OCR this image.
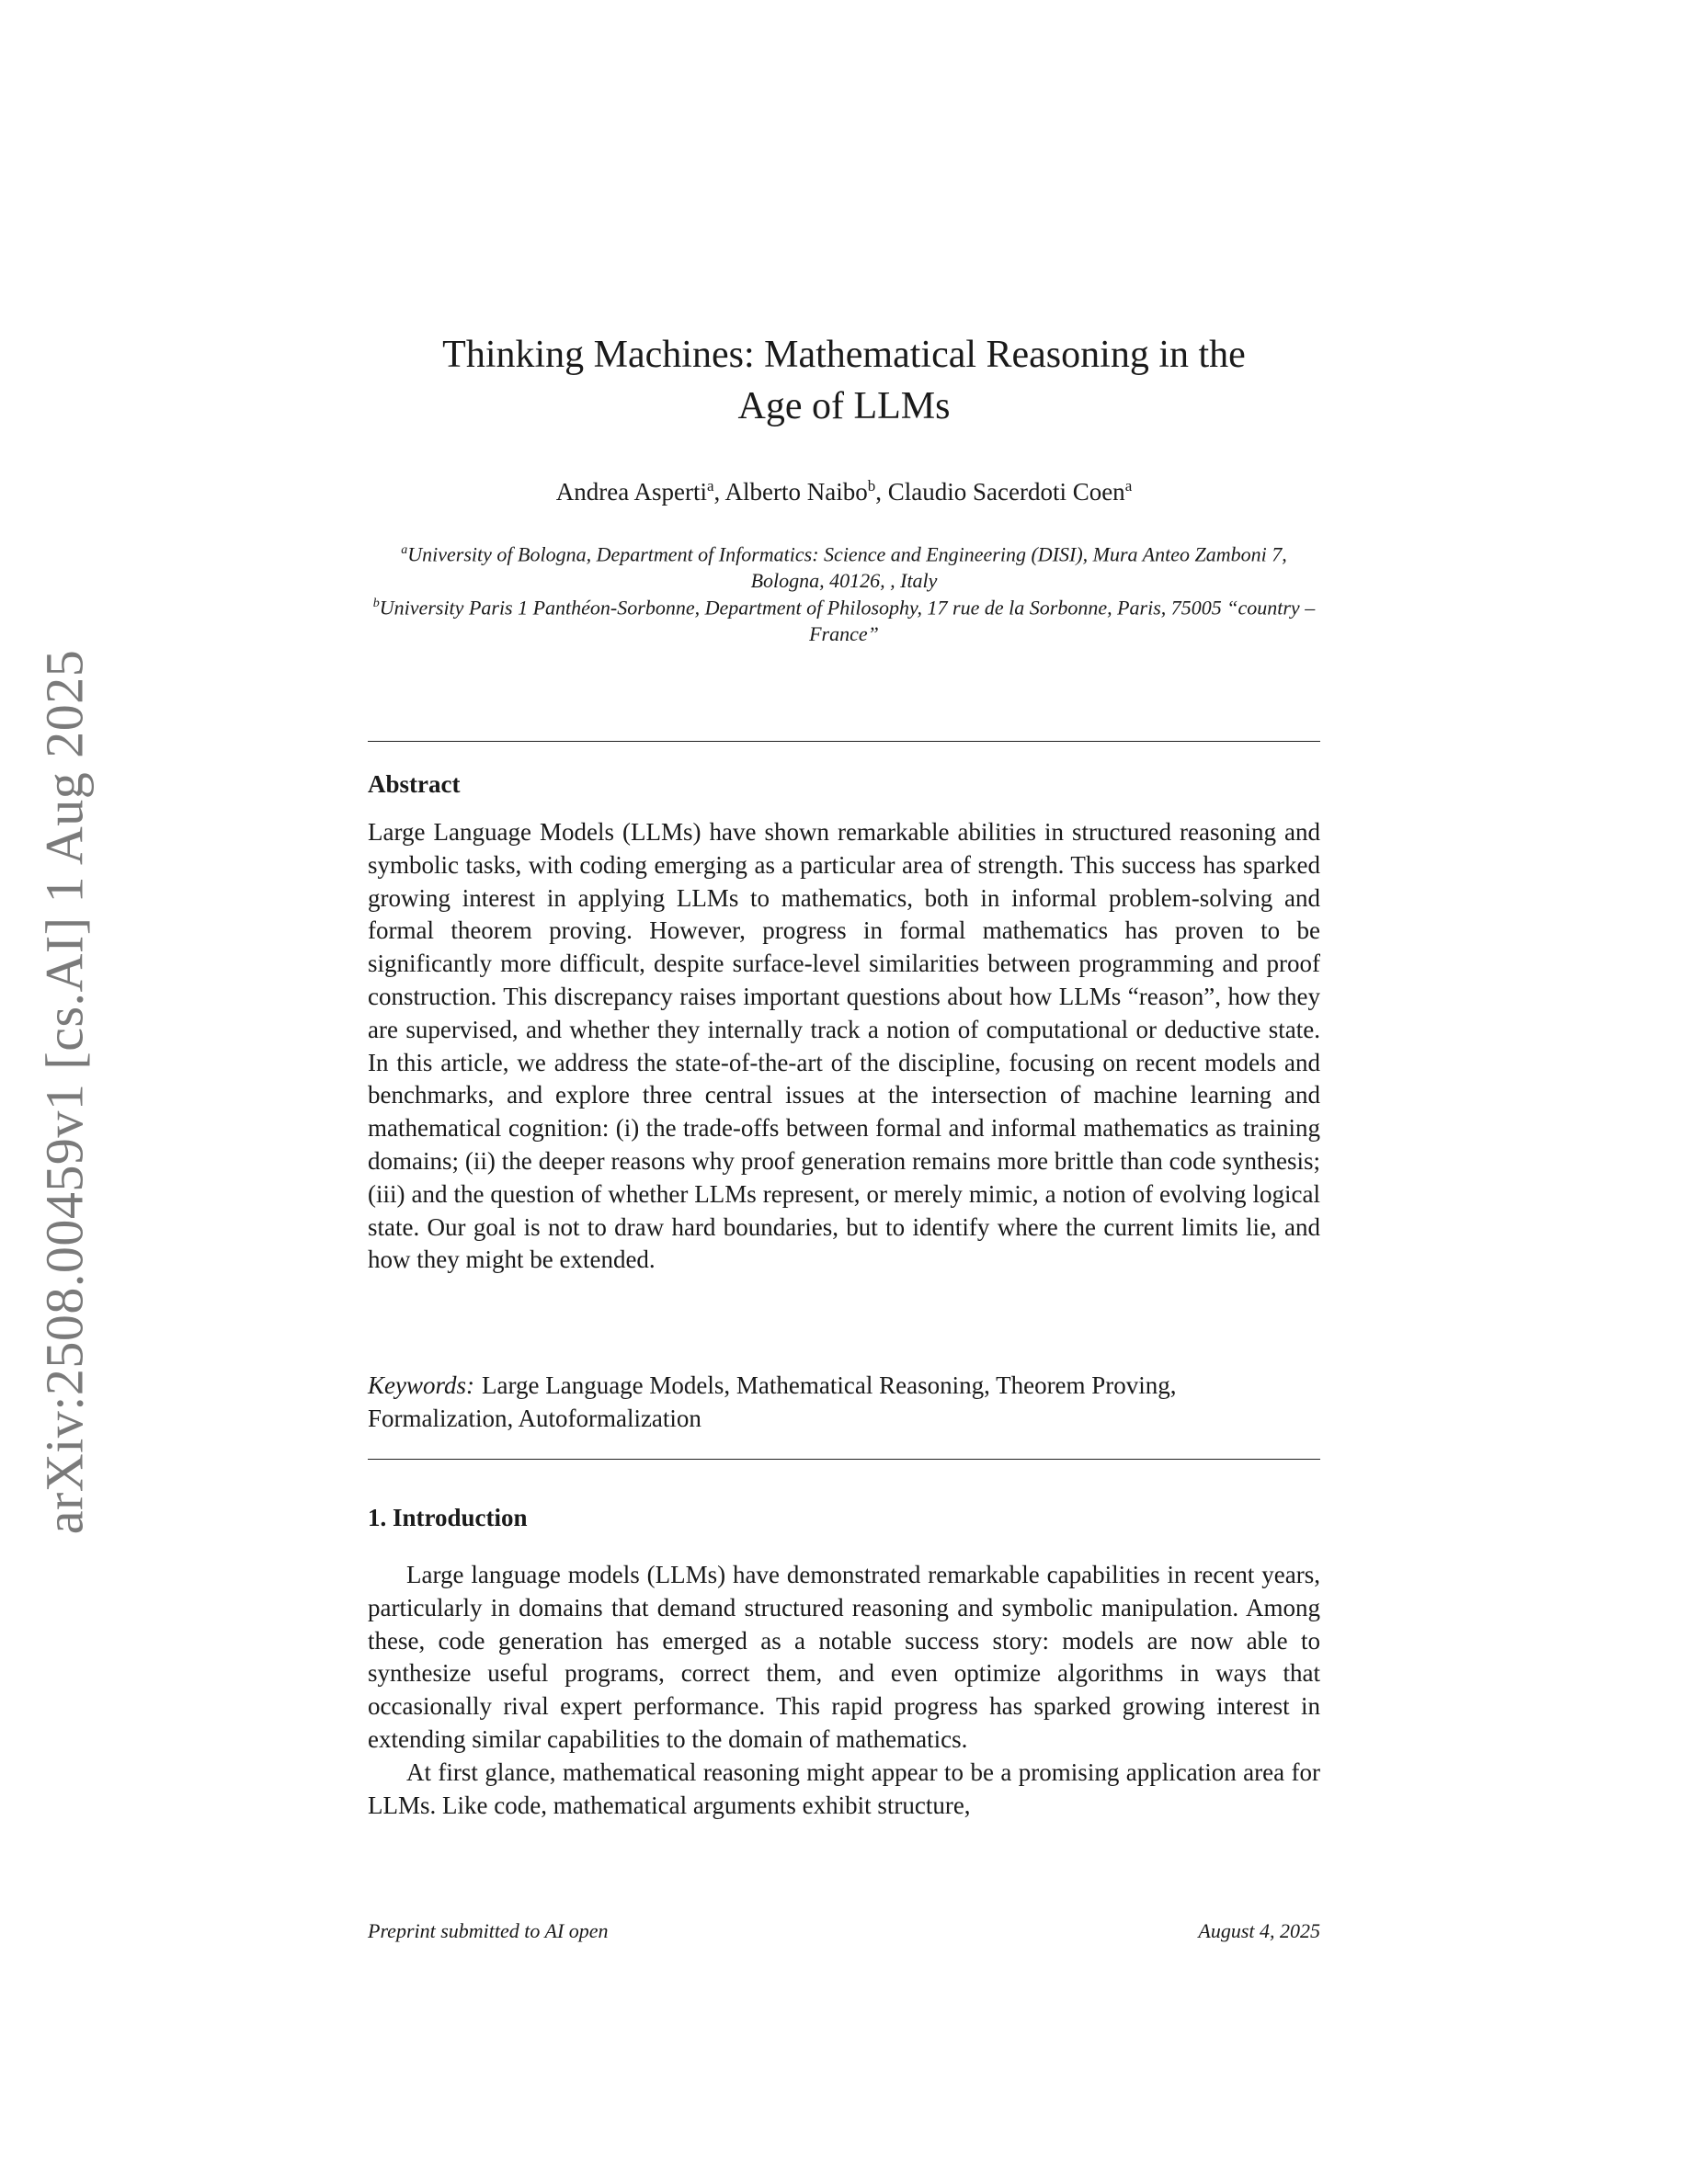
arXiv:2508.00459v1 [cs.AI] 1 Aug 2025
Thinking Machines: Mathematical Reasoning in the
Age of LLMs
Andrea Asperti$^a$, Alberto Naibo$^b$, Claudio Sacerdoti Coen$^a$
$^a$University of Bologna, Department of Informatics: Science and Engineering (DISI), Mura Anteo Zamboni 7, Bologna, 40126, , Italy
$^b$University Paris 1 Panthéon-Sorbonne, Department of Philosophy, 17 rue de la Sorbonne, Paris, 75005 “country –France”
Abstract

Large Language Models (LLMs) have shown remarkable abilities in structured reasoning and symbolic tasks, with coding emerging as a particular area of strength. This success has sparked growing interest in applying LLMs to mathematics, both in informal problem-solving and formal theorem proving. However, progress in formal mathematics has proven to be significantly more difficult, despite surface-level similarities between programming and proof construction. This discrepancy raises important questions about how LLMs “reason”, how they are supervised, and whether they internally track a notion of computational or deductive state. In this article, we address the state-of-the-art of the discipline, focusing on recent models and benchmarks, and explore three central issues at the intersection of machine learning and mathematical cognition: (i) the trade-offs between formal and informal mathematics as training domains; (ii) the deeper reasons why proof generation remains more brittle than code synthesis; (iii) and the question of whether LLMs represent, or merely mimic, a notion of evolving logical state. Our goal is not to draw hard boundaries, but to identify where the current limits lie, and how they might be extended.

Keywords: Large Language Models, Mathematical Reasoning, Theorem Proving, Formalization, Autoformalization
1. Introduction

Large language models (LLMs) have demonstrated remarkable capabilities in recent years, particularly in domains that demand structured reasoning and symbolic manipulation. Among these, code generation has emerged as a notable success story: models are now able to synthesize useful programs, correct them, and even optimize algorithms in ways that occasionally rival expert performance. This rapid progress has sparked growing interest in extending similar capabilities to the domain of mathematics.

At first glance, mathematical reasoning might appear to be a promising application area for LLMs. Like code, mathematical arguments exhibit structure,

Preprint submitted to AI open	August 4, 2025
